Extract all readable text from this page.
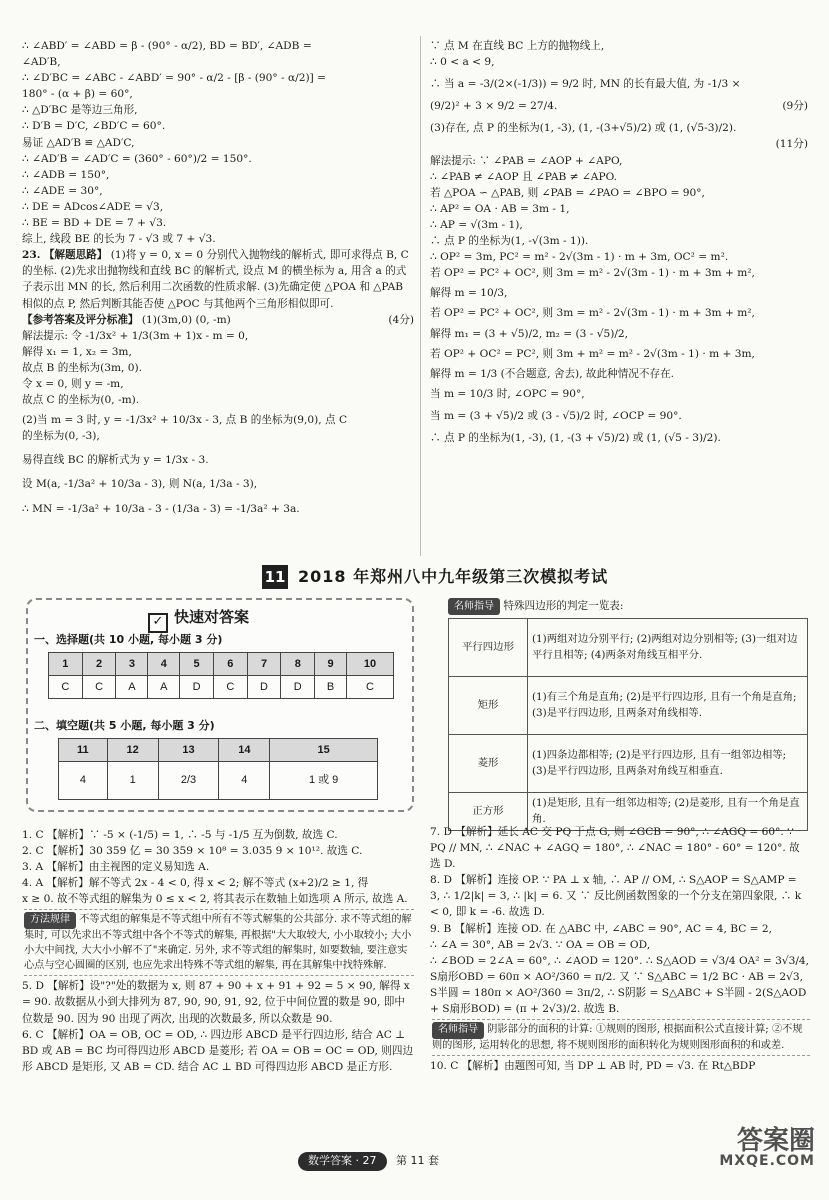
∴ ∠ABD′ = ∠ABD = β - (90° - α/2), BD = BD′, ∠ADB =
∠AD′B,
∴ ∠D′BC = ∠ABC - ∠ABD′ = 90° - α/2 - [β - (90° - α/2)] =
180° - (α + β) = 60°,
∴ △D′BC 是等边三角形,
∴ D′B = D′C, ∠BD′C = 60°.
易证 △AD′B ≌ △AD′C,
∴ ∠AD′B = ∠AD′C = (360° - 60°)/2 = 150°.
∴ ∠ADB = 150°,
∴ ∠ADE = 30°,
∴ DE = ADcos∠ADE = √3,
∴ BE = BD + DE = 7 + √3.
综上, 线段 BE 的长为 7 - √3 或 7 + √3.
23. 【解题思路】 (1)将 y = 0, x = 0 分别代入抛物线的解析式, 即可求得点 B, C 的坐标. (2)先求出抛物线和直线 BC 的解析式, 设点 M 的横坐标为 a, 用含 a 的式子表示出 MN 的长, 然后利用二次函数的性质求解. (3)先确定使 △POA 和 △PAB 相似的点 P, 然后判断其能否使 △POC 与其他两个三角形相似即可.
【参考答案及评分标准】 (1)(3m,0) (0, -m)	(4分)
解法提示: 令 -1/3x² + 1/3(3m + 1)x - m = 0,
解得 x₁ = 1, x₂ = 3m,
故点 B 的坐标为(3m, 0).
令 x = 0, 则 y = -m,
故点 C 的坐标为(0, -m).
(2)当 m = 3 时, y = -1/3x² + 10/3x - 3, 点 B 的坐标为(9,0), 点 C
的坐标为(0, -3),
易得直线 BC 的解析式为 y = 1/3x - 3.
设 M(a, -1/3a² + 10/3a - 3), 则 N(a, 1/3a - 3),
∴ MN = -1/3a² + 10/3a - 3 - (1/3a - 3) = -1/3a² + 3a.
∵ 点 M 在直线 BC 上方的抛物线上,
∴ 0 < a < 9,
∴ 当 a = -3/(2×(-1/3)) = 9/2 时, MN 的长有最大值, 为 -1/3 ×
(9/2)² + 3 × 9/2 = 27/4.	(9分)
(3)存在, 点 P 的坐标为(1, -3), (1, -(3+√5)/2) 或 (1, (√5-3)/2).
(11分)

解法提示: ∵ ∠PAB = ∠AOP + ∠APO,
∴ ∠PAB ≠ ∠AOP 且 ∠PAB ≠ ∠APO.
若 △POA ∽ △PAB, 则 ∠PAB = ∠PAO = ∠BPO = 90°,
∴ AP² = OA · AB = 3m - 1,
∴ AP = √(3m - 1),
∴ 点 P 的坐标为(1, -√(3m - 1)).
∴ OP² = 3m, PC² = m² - 2√(3m - 1) · m + 3m, OC² = m².
若 OP² = PC² + OC², 则 3m = m² - 2√(3m - 1) · m + 3m + m²,
解得 m = 10/3,
若 OP² = PC² + OC², 则 3m = m² - 2√(3m - 1) · m + 3m + m²,
解得 m₁ = (3 + √5)/2, m₂ = (3 - √5)/2,
若 OP² + OC² = PC², 则 3m + m² = m² - 2√(3m - 1) · m + 3m,
解得 m = 1/3 (不合题意, 舍去), 故此种情况不存在.
当 m = 10/3 时, ∠OPC = 90°,
当 m = (3 + √5)/2 或 (3 - √5)/2 时, ∠OCP = 90°.
∴ 点 P 的坐标为(1, -3), (1, -(3 + √5)/2) 或 (1, (√5 - 3)/2).
11 2018 年郑州八中九年级第三次模拟考试
✓ 快速对答案
一、选择题(共 10 小题, 每小题 3 分)
1	2	3	4	5	6	7	8	9	10
C	C	A	A	D	C	D	D	B	C
二、填空题(共 5 小题, 每小题 3 分)
11	12	13	14	15
4	1	2/3	4	1 或 9
名师指导 特殊四边形的判定一览表:
平行四边形	(1)两组对边分别平行; (2)两组对边分别相等; (3)一组对边平行且相等; (4)两条对角线互相平分.
矩形	(1)有三个角是直角; (2)是平行四边形, 且有一个角是直角; (3)是平行四边形, 且两条对角线相等.
菱形	(1)四条边都相等; (2)是平行四边形, 且有一组邻边相等; (3)是平行四边形, 且两条对角线互相垂直.
正方形	(1)是矩形, 且有一组邻边相等; (2)是菱形, 且有一个角是直角.
1. C 【解析】∵ -5 × (-1/5) = 1, ∴ -5 与 -1/5 互为倒数, 故选 C.
2. C 【解析】30 359 亿 = 30 359 × 10⁸ = 3.035 9 × 10¹². 故选 C.
3. A 【解析】由主视图的定义易知选 A.
4. A 【解析】解不等式 2x - 4 < 0, 得 x < 2; 解不等式 (x+2)/2 ≥ 1, 得
x ≥ 0. 故不等式组的解集为 0 ≤ x < 2, 将其表示在数轴上如选项 A 所示, 故选 A.
方法规律 不等式组的解集是不等式组中所有不等式解集的公共部分. 求不等式组的解集时, 可以先求出不等式组中各个不等式的解集, 再根据"大大取较大, 小小取较小; 大小小大中间找, 大大小小解不了"来确定. 另外, 求不等式组的解集时, 如要数轴, 要注意实心点与空心圆圈的区别, 也应先求出特殊不等式组的解集, 再在其解集中找特殊解.
5. D 【解析】设"?"处的数据为 x, 则 87 + 90 + x + 91 + 92 = 5 × 90, 解得 x = 90. 故数据从小到大排列为 87, 90, 90, 91, 92, 位于中间位置的数是 90, 即中位数是 90. 因为 90 出现了两次, 出现的次数最多, 所以众数是 90.
6. C 【解析】OA = OB, OC = OD, ∴ 四边形 ABCD 是平行四边形, 结合 AC ⊥ BD 或 AB = BC 均可得四边形 ABCD 是菱形; 若 OA = OB = OC = OD, 则四边形 ABCD 是矩形, 又 AB = CD. 结合 AC ⊥ BD 可得四边形 ABCD 是正方形.
7. D 【解析】延长 AC 交 PQ 于点 G, 则 ∠GCB = 90°, ∴ ∠AGQ = 60°. ∵ PQ // MN, ∴ ∠NAC + ∠AGQ = 180°, ∴ ∠NAC = 180° - 60° = 120°. 故选 D.
8. D 【解析】连接 OP. ∵ PA ⊥ x 轴, ∴ AP // OM, ∴ S△AOP = S△AMP = 3, ∴ 1/2|k| = 3, ∴ |k| = 6. 又 ∵ 反比例函数图象的一个分支在第四象限, ∴ k < 0, 即 k = -6. 故选 D.
9. B 【解析】连接 OD. 在 △ABC 中, ∠ABC = 90°, AC = 4, BC = 2,
∴ ∠A = 30°, AB = 2√3. ∵ OA = OB = OD,
∴ ∠BOD = 2∠A = 60°, ∴ ∠AOD = 120°. ∴ S△AOD = √3/4 OA² = 3√3/4, S扇形OBD = 60π × AO²/360 = π/2. 又 ∵ S△ABC = 1/2 BC · AB = 2√3, S半圆 = 180π × AO²/360 = 3π/2, ∴ S阴影 = S△ABC + S半圆 - 2(S△AOD + S扇形BOD) = (π + 2√3)/2. 故选 B.
名师指导 阴影部分的面积的计算: ①规则的图形, 根据面积公式直接计算; ②不规则的图形, 运用转化的思想, 将不规则图形的面积转化为规则图形面积的和或差.
10. C 【解析】由题图可知, 当 DP ⊥ AB 时, PD = √3. 在 Rt△BDP
数学答案 · 27 第 11 套
答案圈
MXQE.COM
